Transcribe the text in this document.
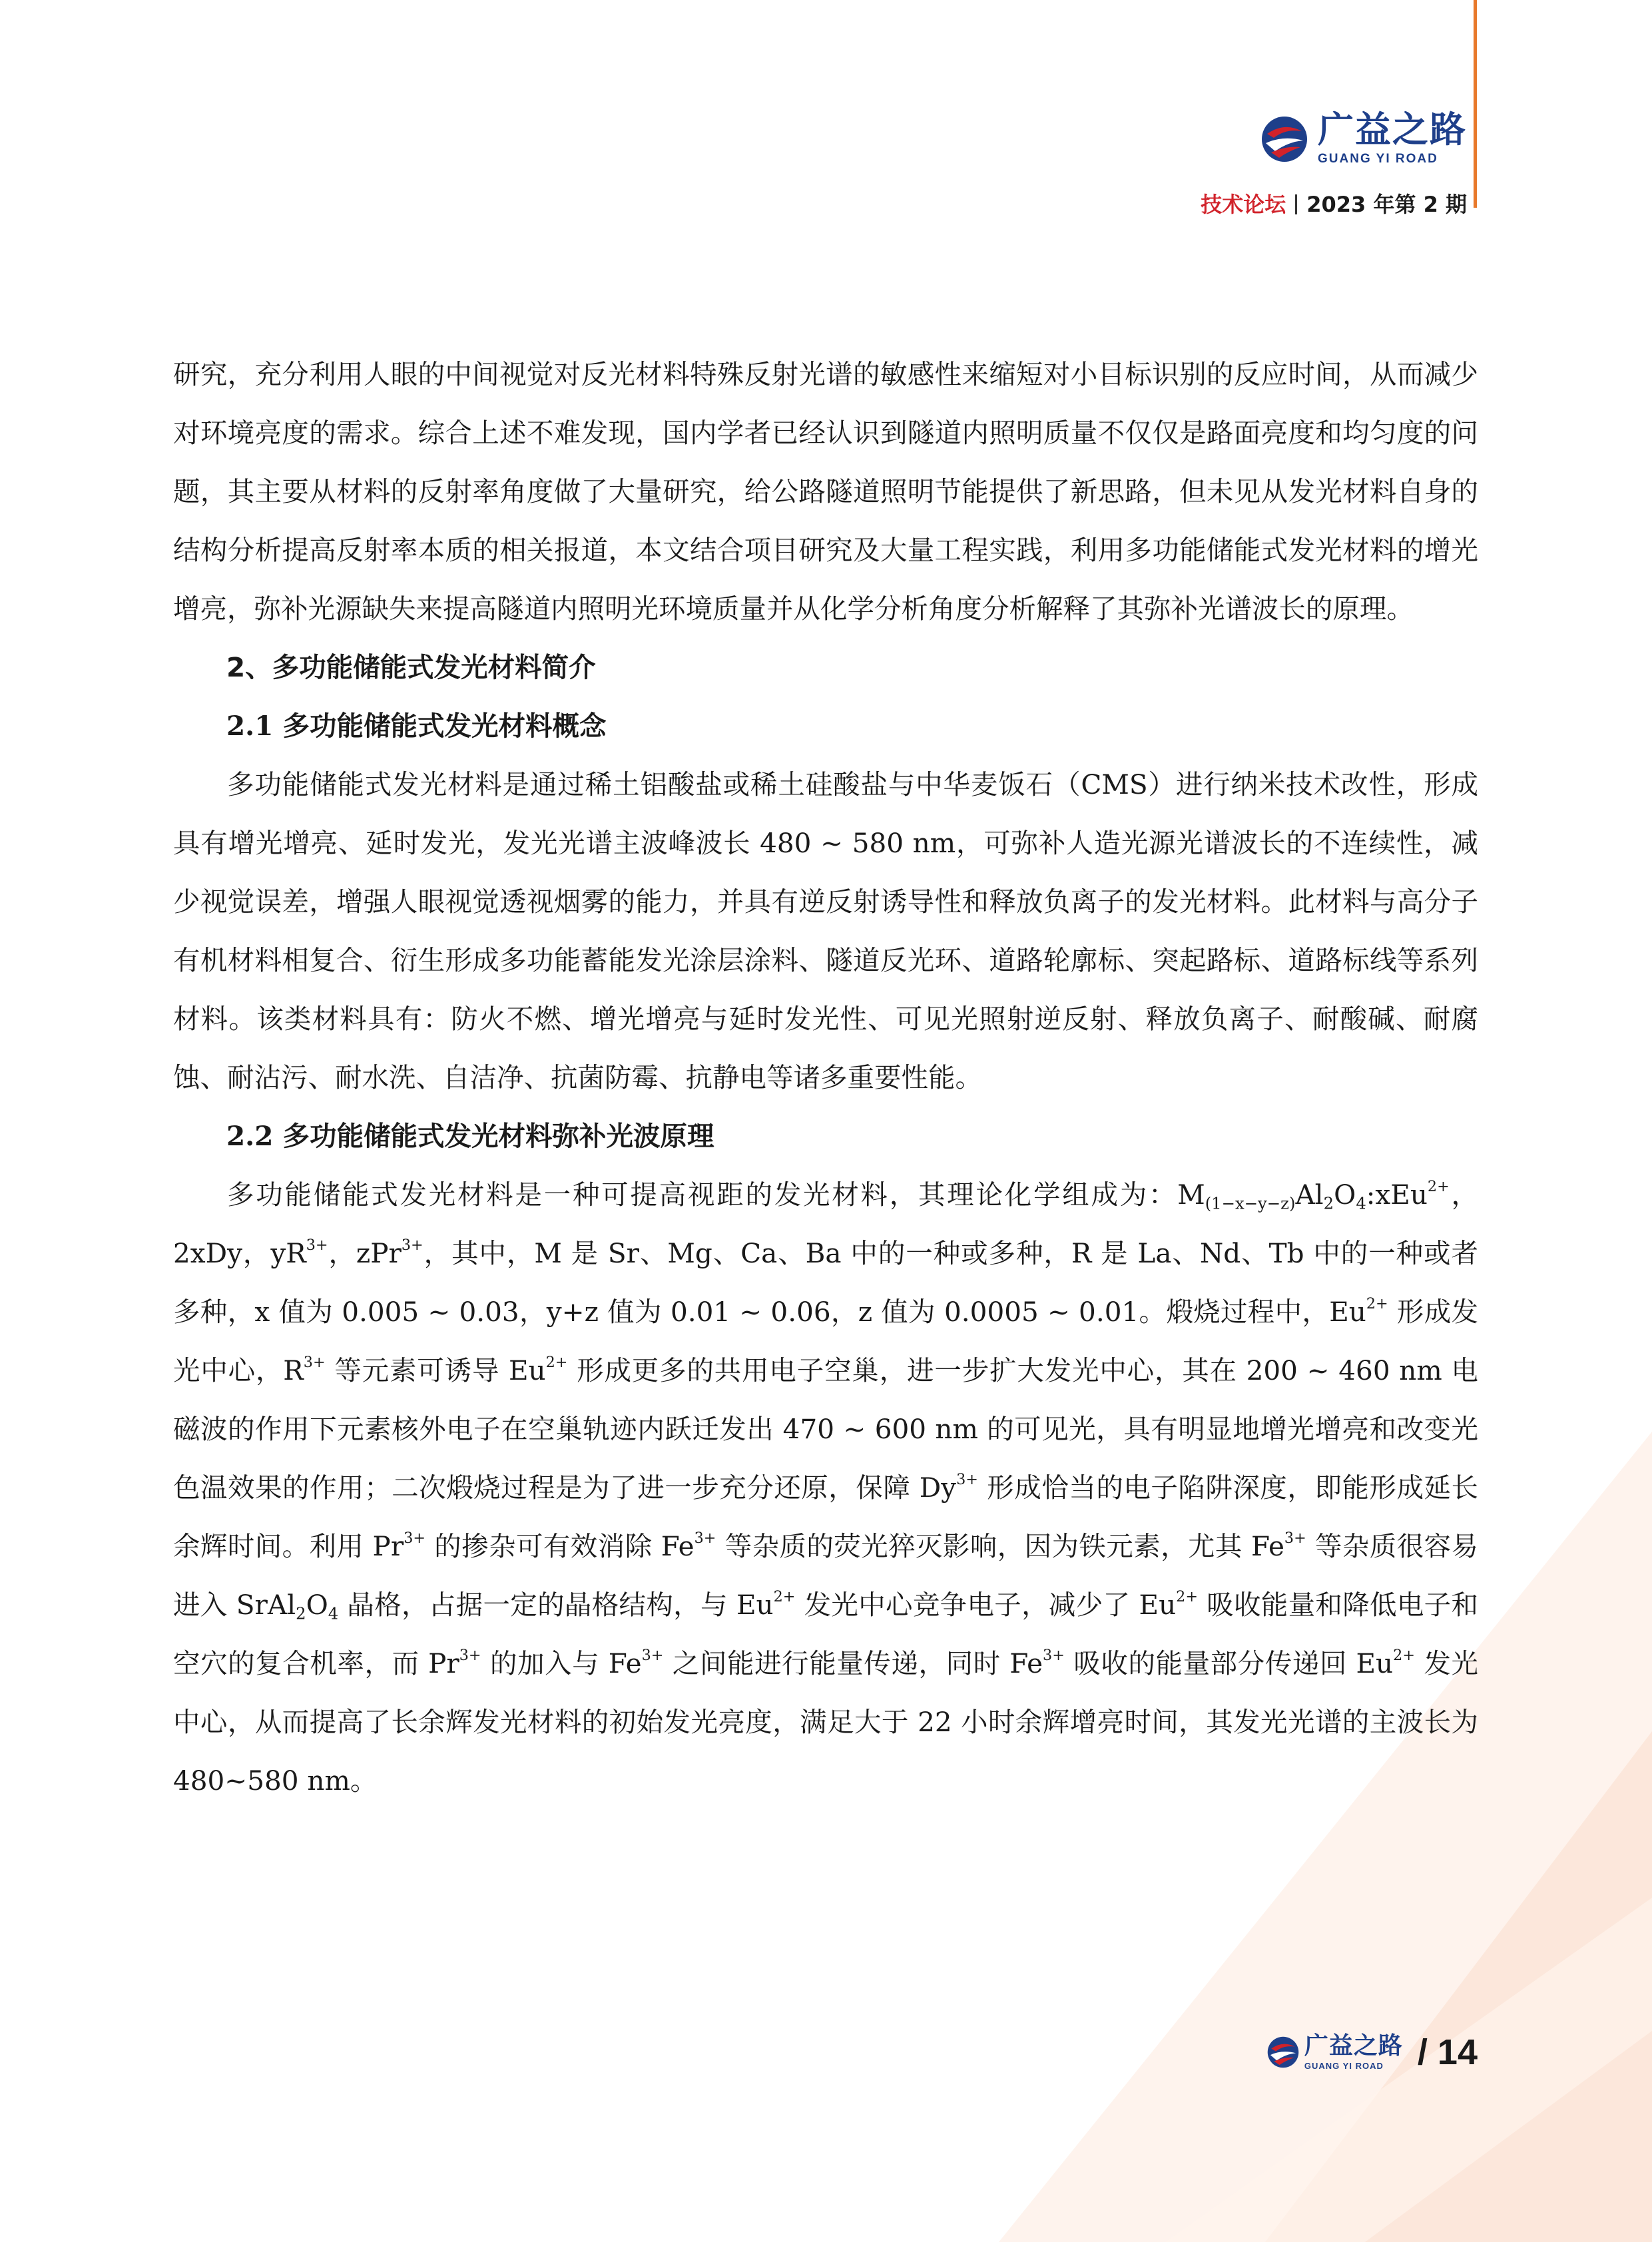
广益之路
GUANG YI ROAD
技术论坛 2023 年第 2 期

研究，充分利用人眼的中间视觉对反光材料特殊反射光谱的敏感性来缩短对小目标识别的反应时间，从而减少对环境亮度的需求。综合上述不难发现，国内学者已经认识到隧道内照明质量不仅仅是路面亮度和均匀度的问题，其主要从材料的反射率角度做了大量研究，给公路隧道照明节能提供了新思路，但未见从发光材料自身的结构分析提高反射率本质的相关报道，本文结合项目研究及大量工程实践，利用多功能储能式发光材料的增光增亮，弥补光源缺失来提高隧道内照明光环境质量并从化学分析角度分析解释了其弥补光谱波长的原理。

2、多功能储能式发光材料简介
2.1 多功能储能式发光材料概念

多功能储能式发光材料是通过稀土铝酸盐或稀土硅酸盐与中华麦饭石（CMS）进行纳米技术改性，形成具有增光增亮、延时发光，发光光谱主波峰波长 480 ~ 580 nm，可弥补人造光源光谱波长的不连续性，减少视觉误差，增强人眼视觉透视烟雾的能力，并具有逆反射诱导性和释放负离子的发光材料。此材料与高分子有机材料相复合、衍生形成多功能蓄能发光涂层涂料、隧道反光环、道路轮廓标、突起路标、道路标线等系列材料。该类材料具有：防火不燃、增光增亮与延时发光性、可见光照射逆反射、释放负离子、耐酸碱、耐腐蚀、耐沾污、耐水洗、自洁净、抗菌防霉、抗静电等诸多重要性能。

2.2 多功能储能式发光材料弥补光波原理

多功能储能式发光材料是一种可提高视距的发光材料，其理论化学组成为：$M_{(1-x-y-z)}Al_2O_4:xEu^{2+}$，2xDy，$yR^{3+}$，zPr$^{3+}$，其中，M 是 Sr、Mg、Ca、Ba 中的一种或多种，R 是 La、Nd、Tb 中的一种或者多种，x 值为 0.005 ~ 0.03，y+z 值为 0.01 ~ 0.06，z 值为 0.0005 ~ 0.01。煅烧过程中，$Eu^{2+}$ 形成发光中心，$R^{3+}$ 等元素可诱导 $Eu^{2+}$ 形成更多的共用电子空巢，进一步扩大发光中心，其在 200 ~ 460 nm 电磁波的作用下元素核外电子在空巢轨迹内跃迁发出 470 ~ 600 nm 的可见光，具有明显地增光增亮和改变光色温效果的作用；二次煅烧过程是为了进一步充分还原，保障 $Dy^{3+}$ 形成恰当的电子陷阱深度，即能形成延长余辉时间。利用 $Pr^{3+}$ 的掺杂可有效消除 $Fe^{3+}$ 等杂质的荧光猝灭影响，因为铁元素，尤其 $Fe^{3+}$ 等杂质很容易进入 $SrAl_2O_4$ 晶格，占据一定的晶格结构，与 $Eu^{2+}$ 发光中心竞争电子，减少了 $Eu^{2+}$ 吸收能量和降低电子和空穴的复合机率，而 $Pr^{3+}$ 的加入与 $Fe^{3+}$ 之间能进行能量传递，同时 $Fe^{3+}$ 吸收的能量部分传递回 $Eu^{2+}$ 发光中心，从而提高了长余辉发光材料的初始发光亮度，满足大于 22 小时余辉增亮时间，其发光光谱的主波长为 480~580 nm。

广益之路
GUANG YI ROAD / 14
